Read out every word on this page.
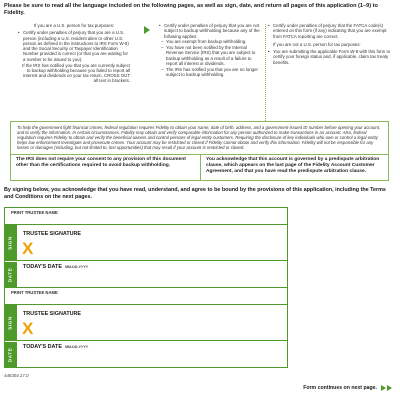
Please be sure to read all the language included on the following pages, as well as sign, date, and return all pages of this application (1–9) to Fidelity.

If you are a U.S. person for tax purposes:

• Certify under penalties of perjury that you are a U.S. person (including a U.S. resident alien or other U.S. person as defined in the instructions to IRS Form W-9) and the Social Security or Taxpayer Identification Number provided is correct (or that you are waiting for a number to be issued to you).

If the IRS has notified you that you are currently subject to backup withholding because you failed to report all interest and dividends on your tax return, CROSS OUT all text in brackets.

• Certify under penalties of perjury that you are not subject to backup withholding because any of the following applies:
– You are exempt from backup withholding.
– You have not been notified by the Internal Revenue Service (IRS) that you are subject to backup withholding as a result of a failure to report all interest or dividends.
– The IRS has notified you that you are no longer subject to backup withholding.
• Certify under penalties of perjury that the FATCA code(s) entered on this form (if any) indicating that you are exempt from FATCA reporting are correct.

If you are not a U.S. person for tax purposes:

• You are submitting the applicable Form W-8 with this form to certify your foreign status and, if applicable, claim tax treaty benefits.
To help the government fight financial crimes, federal regulation requires Fidelity to obtain your name, date of birth, address, and a government-issued ID number before opening your account, and to verify the information. In certain circumstances, Fidelity may obtain and verify comparable information for any person authorized to make transactions in an account. Also, federal regulation requires Fidelity to obtain and verify the beneficial owners and control persons of legal entity customers. Requiring the disclosure of key individuals who own or control a legal entity helps law enforcement investigate and prosecute crimes. Your account may be restricted or closed if Fidelity cannot obtain and verify this information. Fidelity will not be responsible for any losses or damages (including, but not limited to, lost opportunities) that may result if your account is restricted or closed.
The IRS does not require your consent to any provision of this document other than the certifications required to avoid backup withholding.
You acknowledge that this account is governed by a predispute arbitration clause, which appears on the last page of the Fidelity Account Customer Agreement, and that you have read the predispute arbitration clause.
By signing below, you acknowledge that you have read, understand, and agree to be bound by the provisions of this application, including the Terms and Conditions on the next pages.
PRINT TRUSTEE NAME
SIGN
TRUSTEE SIGNATURE
X
DATE
TODAY'S DATE MM-DD-YYYY
PRINT TRUSTEE NAME
SIGN
TRUSTEE SIGNATURE
X
DATE
TODAY'S DATE MM-DD-YYYY
446304.17.0
Form continues on next page.
